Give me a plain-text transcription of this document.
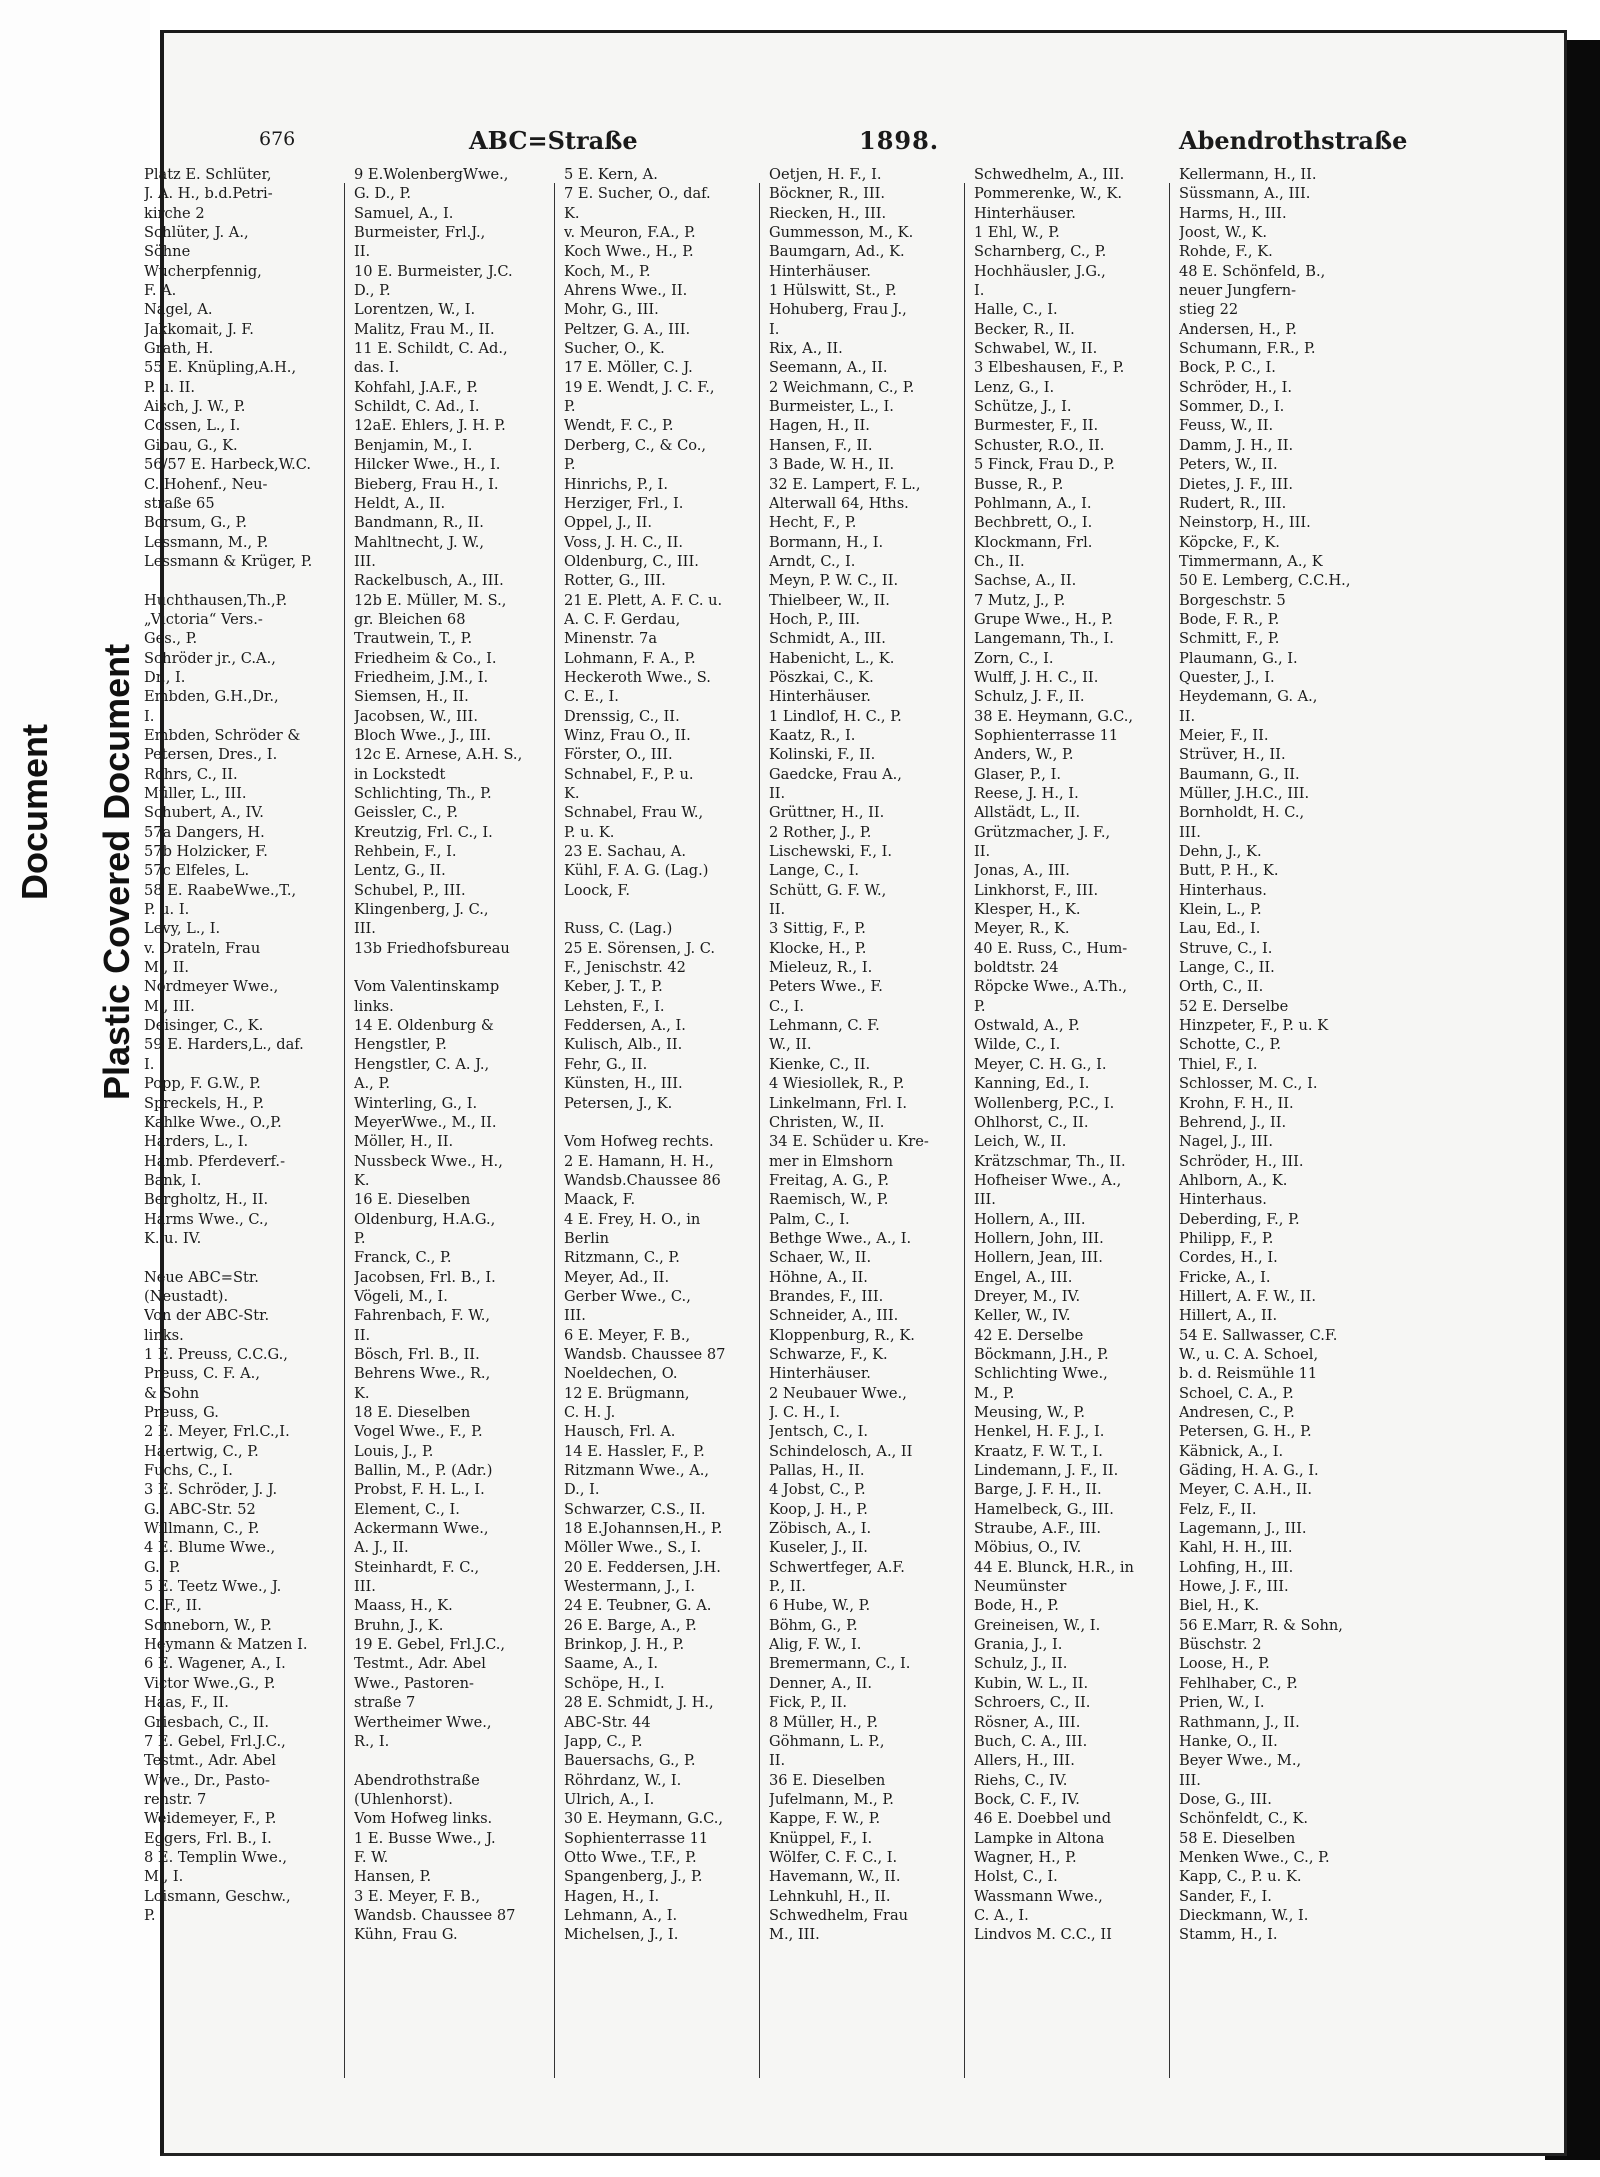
Plastic Covered Document
Document
676	ABC=Straße	1898.	Abendrothstraße
Platz E. Schlüter,
J. A. H., b.d.Petri-
kirche 2
Schlüter, J. A.,
Söhne
Wucherpfennig,
F. A.
Nagel, A.
Jakkomait, J. F.
Grath, H.
55 E. Knüpling,A.H.,
P. u. II.
Aisch, J. W., P.
Cossen, L., I.
Gibau, G., K.
56/57 E. Harbeck,W.C.
C. Hohenf., Neu-
straße 65
Borsum, G., P.
Lessmann, M., P.
Lessmann & Krüger, P.
Huchthausen,Th.,P.
„Victoria“ Vers.-
Ges., P.
Schröder jr., C.A.,
Dr., I.
Embden, G.H.,Dr.,
I.
Embden, Schröder &
Petersen, Dres., I.
Rohrs, C., II.
Müller, L., III.
Schubert, A., IV.
57a Dangers, H.
57b Holzicker, F.
57c Elfeles, L.
58 E. RaabeWwe.,T.,
P. u. I.
Levy, L., I.
v. Drateln, Frau
M., II.
Nordmeyer Wwe.,
M., III.
Deisinger, C., K.
59 E. Harders,L., daf.
I.
Popp, F. G.W., P.
Spreckels, H., P.
Kahlke Wwe., O.,P.
Harders, L., I.
Hamb. Pferdeverf.-
Bank, I.
Bergholtz, H., II.
Harms Wwe., C.,
K. u. IV.
Neue ABC=Str.
(Neustadt).
Von der ABC-Str.
links.
1 E. Preuss, C.C.G.,
Preuss, C. F. A.,
& Sohn
Preuss, G.
2 E. Meyer, Frl.C.,I.
Haertwig, C., P.
Fuchs, C., I.
3 E. Schröder, J. J.
G., ABC-Str. 52
Willmann, C., P.
4 E. Blume Wwe.,
G., P.
5 E. Teetz Wwe., J.
C. F., II.
Sonneborn, W., P.
Heymann & Matzen I.
6 E. Wagener, A., I.
Victor Wwe.,G., P.
Haas, F., II.
Griesbach, C., II.
7 E. Gebel, Frl.J.C.,
Testmt., Adr. Abel
Wwe., Dr., Pasto-
renstr. 7
Weidemeyer, F., P.
Eggers, Frl. B., I.
8 E. Templin Wwe.,
M., I.
Loismann, Geschw.,
P.
9 E.WolenbergWwe.,
G. D., P.
Samuel, A., I.
Burmeister, Frl.J.,
II.
10 E. Burmeister, J.C.
D., P.
Lorentzen, W., I.
Malitz, Frau M., II.
11 E. Schildt, C. Ad.,
das. I.
Kohfahl, J.A.F., P.
Schildt, C. Ad., I.
12aE. Ehlers, J. H. P.
Benjamin, M., I.
Hilcker Wwe., H., I.
Bieberg, Frau H., I.
Heldt, A., II.
Bandmann, R., II.
Mahltnecht, J. W.,
III.
Rackelbusch, A., III.
12b E. Müller, M. S.,
gr. Bleichen 68
Trautwein, T., P.
Friedheim & Co., I.
Friedheim, J.M., I.
Siemsen, H., II.
Jacobsen, W., III.
Bloch Wwe., J., III.
12c E. Arnese, A.H. S.,
in Lockstedt
Schlichting, Th., P.
Geissler, C., P.
Kreutzig, Frl. C., I.
Rehbein, F., I.
Lentz, G., II.
Schubel, P., III.
Klingenberg, J. C.,
III.
13b Friedhofsbureau
Vom Valentinskamp
links.
14 E. Oldenburg &
Hengstler, P.
Hengstler, C. A. J.,
A., P.
Winterling, G., I.
MeyerWwe., M., II.
Möller, H., II.
Nussbeck Wwe., H.,
K.
16 E. Dieselben
Oldenburg, H.A.G.,
P.
Franck, C., P.
Jacobsen, Frl. B., I.
Vögeli, M., I.
Fahrenbach, F. W.,
II.
Bösch, Frl. B., II.
Behrens Wwe., R.,
K.
18 E. Dieselben
Vogel Wwe., F., P.
Louis, J., P.
Ballin, M., P. (Adr.)
Probst, F. H. L., I.
Element, C., I.
Ackermann Wwe.,
A. J., II.
Steinhardt, F. C.,
III.
Maass, H., K.
Bruhn, J., K.
19 E. Gebel, Frl.J.C.,
Testmt., Adr. Abel
Wwe., Pastoren-
straße 7
Wertheimer Wwe.,
R., I.
Abendrothstraße
(Uhlenhorst).
Vom Hofweg links.
1 E. Busse Wwe., J.
F. W.
Hansen, P.
3 E. Meyer, F. B.,
Wandsb. Chaussee 87
Kühn, Frau G.
5 E. Kern, A.
7 E. Sucher, O., daf.
K.
v. Meuron, F.A., P.
Koch Wwe., H., P.
Koch, M., P.
Ahrens Wwe., II.
Mohr, G., III.
Peltzer, G. A., III.
Sucher, O., K.
17 E. Möller, C. J.
19 E. Wendt, J. C. F.,
P.
Wendt, F. C., P.
Derberg, C., & Co.,
P.
Hinrichs, P., I.
Herziger, Frl., I.
Oppel, J., II.
Voss, J. H. C., II.
Oldenburg, C., III.
Rotter, G., III.
21 E. Plett, A. F. C. u.
A. C. F. Gerdau,
Minenstr. 7a
Lohmann, F. A., P.
Heckeroth Wwe., S.
C. E., I.
Drenssig, C., II.
Winz, Frau O., II.
Förster, O., III.
Schnabel, F., P. u.
K.
Schnabel, Frau W.,
P. u. K.
23 E. Sachau, A.
Kühl, F. A. G. (Lag.)
Loock, F.
Russ, C. (Lag.)
25 E. Sörensen, J. C.
F., Jenischstr. 42
Keber, J. T., P.
Lehsten, F., I.
Feddersen, A., I.
Kulisch, Alb., II.
Fehr, G., II.
Künsten, H., III.
Petersen, J., K.
Vom Hofweg rechts.
2 E. Hamann, H. H.,
Wandsb.Chaussee 86
Maack, F.
4 E. Frey, H. O., in
Berlin
Ritzmann, C., P.
Meyer, Ad., II.
Gerber Wwe., C.,
III.
6 E. Meyer, F. B.,
Wandsb. Chaussee 87
Noeldechen, O.
12 E. Brügmann,
C. H. J.
Hausch, Frl. A.
14 E. Hassler, F., P.
Ritzmann Wwe., A.,
D., I.
Schwarzer, C.S., II.
18 E.Johannsen,H., P.
Möller Wwe., S., I.
20 E. Feddersen, J.H.
Westermann, J., I.
24 E. Teubner, G. A.
26 E. Barge, A., P.
Brinkop, J. H., P.
Saame, A., I.
Schöpe, H., I.
28 E. Schmidt, J. H.,
ABC-Str. 44
Japp, C., P.
Bauersachs, G., P.
Röhrdanz, W., I.
Ulrich, A., I.
30 E. Heymann, G.C.,
Sophienterrasse 11
Otto Wwe., T.F., P.
Spangenberg, J., P.
Hagen, H., I.
Lehmann, A., I.
Michelsen, J., I.
Oetjen, H. F., I.
Böckner, R., III.
Riecken, H., III.
Gummesson, M., K.
Baumgarn, Ad., K.
Hinterhäuser.
1 Hülswitt, St., P.
Hohuberg, Frau J.,
I.
Rix, A., II.
Seemann, A., II.
2 Weichmann, C., P.
Burmeister, L., I.
Hagen, H., II.
Hansen, F., II.
3 Bade, W. H., II.
32 E. Lampert, F. L.,
Alterwall 64, Hths.
Hecht, F., P.
Bormann, H., I.
Arndt, C., I.
Meyn, P. W. C., II.
Thielbeer, W., II.
Hoch, P., III.
Schmidt, A., III.
Habenicht, L., K.
Pöszkai, C., K.
Hinterhäuser.
1 Lindlof, H. C., P.
Kaatz, R., I.
Kolinski, F., II.
Gaedcke, Frau A.,
II.
Grüttner, H., II.
2 Rother, J., P.
Lischewski, F., I.
Lange, C., I.
Schütt, G. F. W.,
II.
3 Sittig, F., P.
Klocke, H., P.
Mieleuz, R., I.
Peters Wwe., F.
C., I.
Lehmann, C. F.
W., II.
Kienke, C., II.
4 Wiesiollek, R., P.
Linkelmann, Frl. I.
Christen, W., II.
34 E. Schüder u. Kre-
mer in Elmshorn
Freitag, A. G., P.
Raemisch, W., P.
Palm, C., I.
Bethge Wwe., A., I.
Schaer, W., II.
Höhne, A., II.
Brandes, F., III.
Schneider, A., III.
Kloppenburg, R., K.
Schwarze, F., K.
Hinterhäuser.
2 Neubauer Wwe.,
J. C. H., I.
Jentsch, C., I.
Schindelosch, A., II
Pallas, H., II.
4 Jobst, C., P.
Koop, J. H., P.
Zöbisch, A., I.
Kuseler, J., II.
Schwertfeger, A.F.
P., II.
6 Hube, W., P.
Böhm, G., P.
Alig, F. W., I.
Bremermann, C., I.
Denner, A., II.
Fick, P., II.
8 Müller, H., P.
Göhmann, L. P.,
II.
36 E. Dieselben
Jufelmann, M., P.
Kappe, F. W., P.
Knüppel, F., I.
Wölfer, C. F. C., I.
Havemann, W., II.
Lehnkuhl, H., II.
Schwedhelm, Frau
M., III.
Schwedhelm, A., III.
Pommerenke, W., K.
Hinterhäuser.
1 Ehl, W., P.
Scharnberg, C., P.
Hochhäusler, J.G.,
I.
Halle, C., I.
Becker, R., II.
Schwabel, W., II.
3 Elbeshausen, F., P.
Lenz, G., I.
Schütze, J., I.
Burmester, F., II.
Schuster, R.O., II.
5 Finck, Frau D., P.
Busse, R., P.
Pohlmann, A., I.
Bechbrett, O., I.
Klockmann, Frl.
Ch., II.
Sachse, A., II.
7 Mutz, J., P.
Grupe Wwe., H., P.
Langemann, Th., I.
Zorn, C., I.
Wulff, J. H. C., II.
Schulz, J. F., II.
38 E. Heymann, G.C.,
Sophienterrasse 11
Anders, W., P.
Glaser, P., I.
Reese, J. H., I.
Allstädt, L., II.
Grützmacher, J. F.,
II.
Jonas, A., III.
Linkhorst, F., III.
Klesper, H., K.
Meyer, R., K.
40 E. Russ, C., Hum-
boldtstr. 24
Röpcke Wwe., A.Th.,
P.
Ostwald, A., P.
Wilde, C., I.
Meyer, C. H. G., I.
Kanning, Ed., I.
Wollenberg, P.C., I.
Ohlhorst, C., II.
Leich, W., II.
Krätzschmar, Th., II.
Hofheiser Wwe., A.,
III.
Hollern, A., III.
Hollern, John, III.
Hollern, Jean, III.
Engel, A., III.
Dreyer, M., IV.
Keller, W., IV.
42 E. Derselbe
Böckmann, J.H., P.
Schlichting Wwe.,
M., P.
Meusing, W., P.
Henkel, H. F. J., I.
Kraatz, F. W. T., I.
Lindemann, J. F., II.
Barge, J. F. H., II.
Hamelbeck, G., III.
Straube, A.F., III.
Möbius, O., IV.
44 E. Blunck, H.R., in
Neumünster
Bode, H., P.
Greineisen, W., I.
Grania, J., I.
Schulz, J., II.
Kubin, W. L., II.
Schroers, C., II.
Rösner, A., III.
Buch, C. A., III.
Allers, H., III.
Riehs, C., IV.
Bock, C. F., IV.
46 E. Doebbel und
Lampke in Altona
Wagner, H., P.
Holst, C., I.
Wassmann Wwe.,
C. A., I.
Lindvos M. C.C., II
Kellermann, H., II.
Süssmann, A., III.
Harms, H., III.
Joost, W., K.
Rohde, F., K.
48 E. Schönfeld, B.,
neuer Jungfern-
stieg 22
Andersen, H., P.
Schumann, F.R., P.
Bock, P. C., I.
Schröder, H., I.
Sommer, D., I.
Feuss, W., II.
Damm, J. H., II.
Peters, W., II.
Dietes, J. F., III.
Rudert, R., III.
Neinstorp, H., III.
Köpcke, F., K.
Timmermann, A., K
50 E. Lemberg, C.C.H.,
Borgeschstr. 5
Bode, F. R., P.
Schmitt, F., P.
Plaumann, G., I.
Quester, J., I.
Heydemann, G. A.,
II.
Meier, F., II.
Strüver, H., II.
Baumann, G., II.
Müller, J.H.C., III.
Bornholdt, H. C.,
III.
Dehn, J., K.
Butt, P. H., K.
Hinterhaus.
Klein, L., P.
Lau, Ed., I.
Struve, C., I.
Lange, C., II.
Orth, C., II.
52 E. Derselbe
Hinzpeter, F., P. u. K
Schotte, C., P.
Thiel, F., I.
Schlosser, M. C., I.
Krohn, F. H., II.
Behrend, J., II.
Nagel, J., III.
Schröder, H., III.
Ahlborn, A., K.
Hinterhaus.
Deberding, F., P.
Philipp, F., P.
Cordes, H., I.
Fricke, A., I.
Hillert, A. F. W., II.
Hillert, A., II.
54 E. Sallwasser, C.F.
W., u. C. A. Schoel,
b. d. Reismühle 11
Schoel, C. A., P.
Andresen, C., P.
Petersen, G. H., P.
Käbnick, A., I.
Gäding, H. A. G., I.
Meyer, C. A.H., II.
Felz, F., II.
Lagemann, J., III.
Kahl, H. H., III.
Lohfing, H., III.
Howe, J. F., III.
Biel, H., K.
56 E.Marr, R. & Sohn,
Büschstr. 2
Loose, H., P.
Fehlhaber, C., P.
Prien, W., I.
Rathmann, J., II.
Hanke, O., II.
Beyer Wwe., M.,
III.
Dose, G., III.
Schönfeldt, C., K.
58 E. Dieselben
Menken Wwe., C., P.
Kapp, C., P. u. K.
Sander, F., I.
Dieckmann, W., I.
Stamm, H., I.
